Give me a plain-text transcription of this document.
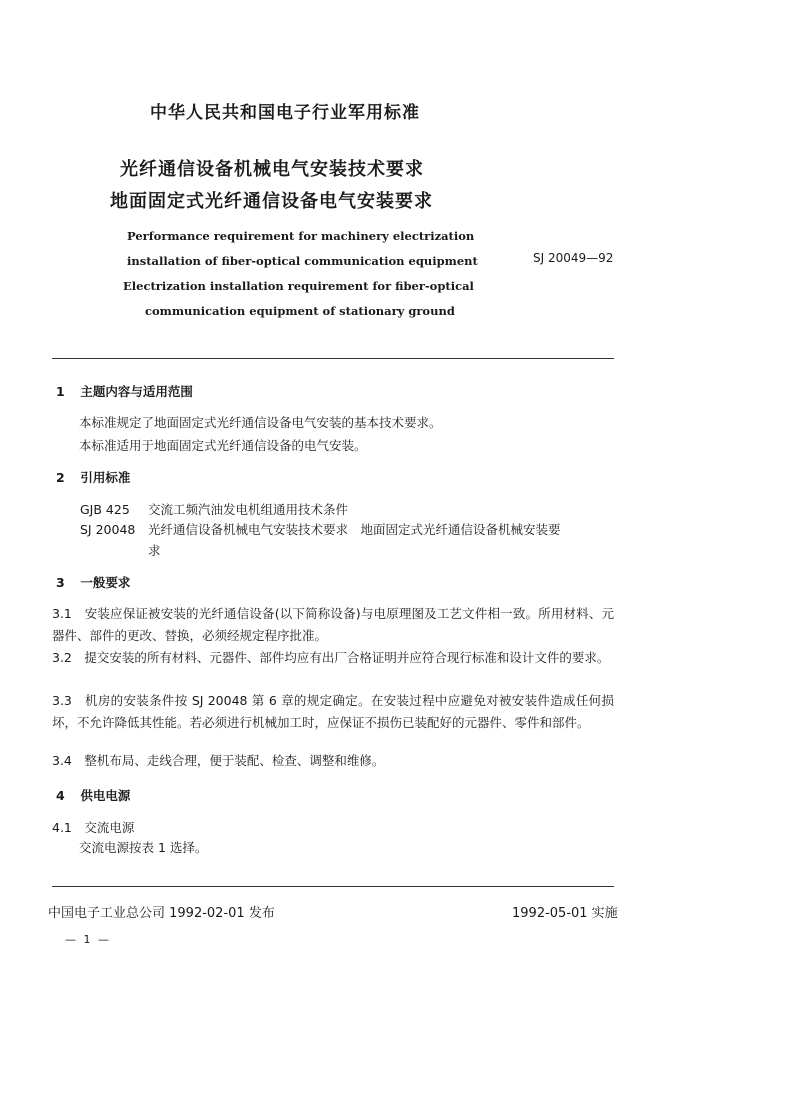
中华人民共和国电子行业军用标准
光纤通信设备机械电气安装技术要求
地面固定式光纤通信设备电气安装要求
Performance requirement for machinery electrization
installation of fiber-optical communication equipment
Electrization installation requirement for fiber-optical
communication equipment of stationary ground
SJ 20049—92
1 主题内容与适用范围
本标准规定了地面固定式光纤通信设备电气安装的基本技术要求。
本标准适用于地面固定式光纤通信设备的电气安装。
2 引用标准
GJB 425 交流工频汽油发电机组通用技术条件
SJ 20048 光纤通信设备机械电气安装技术要求　地面固定式光纤通信设备机械安装要
求
3 一般要求
3.1　安装应保证被安装的光纤通信设备(以下简称设备)与电原理图及工艺文件相一致。所用材料、元器件、部件的更改、替换，必须经规定程序批准。
3.2　提交安装的所有材料、元器件、部件均应有出厂合格证明并应符合现行标准和设计文件的要求。
3.3　机房的安装条件按 SJ 20048 第 6 章的规定确定。在安装过程中应避免对被安装件造成任何损坏，不允许降低其性能。若必须进行机械加工时，应保证不损伤已装配好的元器件、零件和部件。
3.4　整机布局、走线合理，便于装配、检查、调整和维修。
4 供电电源
4.1　交流电源
交流电源按表 1 选择。
中国电子工业总公司 1992-02-01 发布	1992-05-01 实施
— 1 —
